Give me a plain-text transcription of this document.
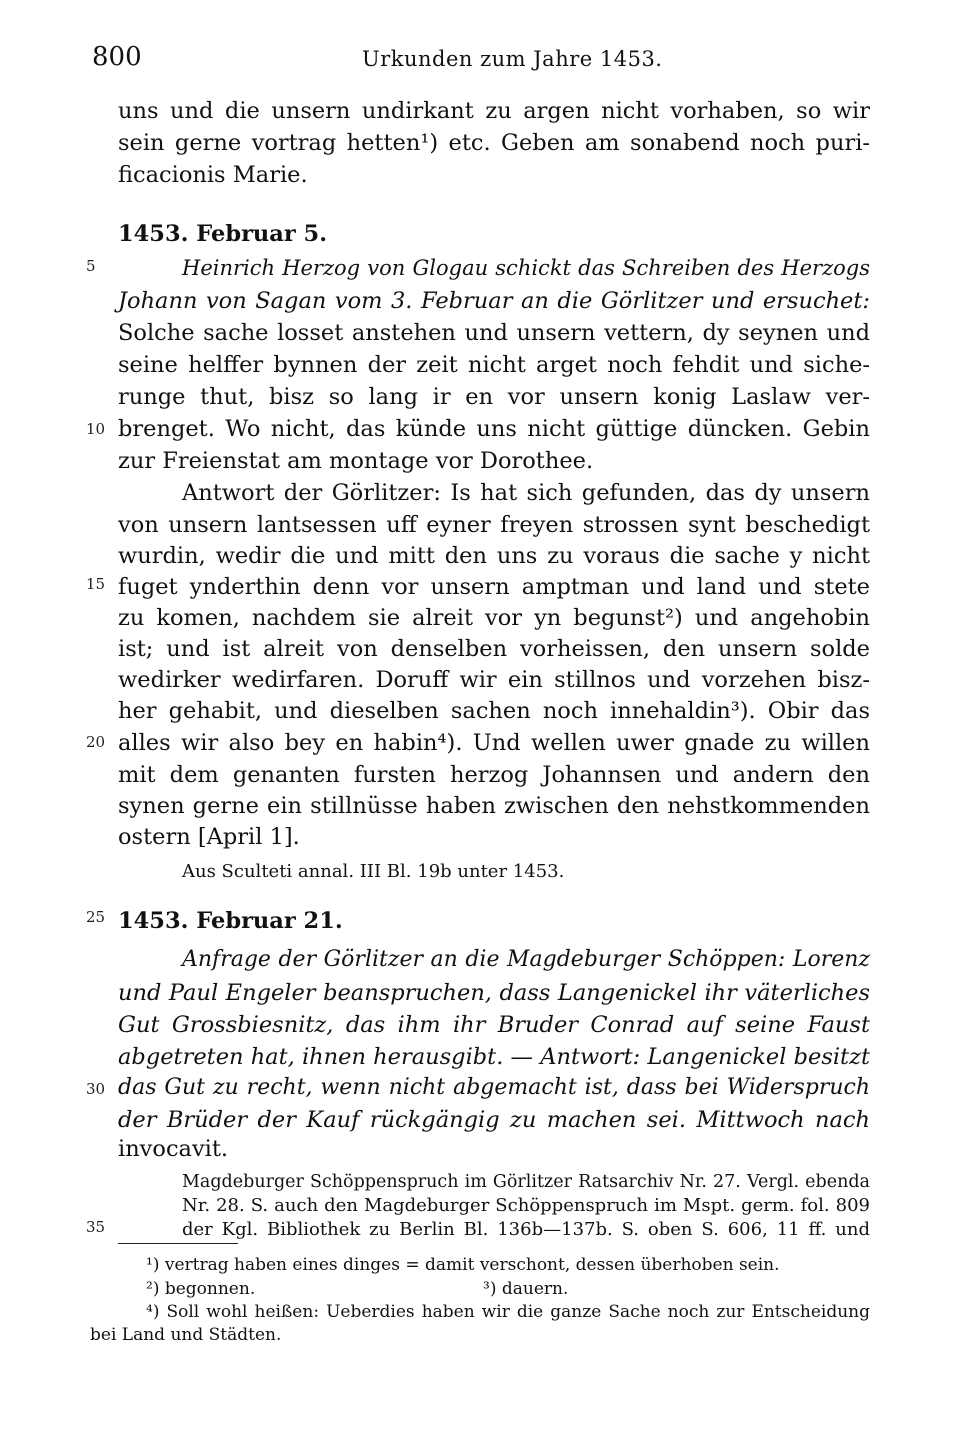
800	Urkunden zum Jahre 1453.
5
10
15
20
25
30
35
uns und die unsern undirkant zu argen nicht vorhaben, so wir
sein gerne vortrag hetten¹) etc. Geben am sonabend noch puri-
ficacionis Marie.
1453. Februar 5.
Heinrich Herzog von Glogau schickt das Schreiben des Herzogs
Johann von Sagan vom 3. Februar an die Görlitzer und ersuchet:
Solche sache losset anstehen und unsern vettern, dy seynen und
seine helffer bynnen der zeit nicht arget noch fehdit und siche-
runge thut, bisz so lang ir en vor unsern konig Laslaw ver-
brenget. Wo nicht, das künde uns nicht güttige düncken. Gebin
zur Freienstat am montage vor Dorothee.
Antwort der Görlitzer: Is hat sich gefunden, das dy unsern
von unsern lantsessen uff eyner freyen strossen synt beschedigt
wurdin, wedir die und mitt den uns zu voraus die sache y nicht
fuget ynderthin denn vor unsern amptman und land und stete
zu komen, nachdem sie alreit vor yn begunst²) und angehobin
ist; und ist alreit von denselben vorheissen, den unsern solde
wedirker wedirfaren. Doruff wir ein stillnos und vorzehen bisz-
her gehabit, und dieselben sachen noch innehaldin³). Obir das
alles wir also bey en habin⁴). Und wellen uwer gnade zu willen
mit dem genanten fursten herzog Johannsen und andern den
synen gerne ein stillnüsse haben zwischen den nehstkommenden
ostern [April 1].
Aus Sculteti annal. III Bl. 19b unter 1453.
1453. Februar 21.
Anfrage der Görlitzer an die Magdeburger Schöppen: Lorenz
und Paul Engeler beanspruchen, dass Langenickel ihr väterliches
Gut Grossbiesnitz, das ihm ihr Bruder Conrad auf seine Faust
abgetreten hat, ihnen herausgibt. — Antwort: Langenickel besitzt
das Gut zu recht, wenn nicht abgemacht ist, dass bei Widerspruch
der Brüder der Kauf rückgängig zu machen sei. Mittwoch nach
invocavit.
Magdeburger Schöppenspruch im Görlitzer Ratsarchiv Nr. 27. Vergl. ebenda
Nr. 28. S. auch den Magdeburger Schöppenspruch im Mspt. germ. fol. 809
der Kgl. Bibliothek zu Berlin Bl. 136b—137b. S. oben S. 606, 11 ff. und
¹) vertrag haben eines dinges = damit verschont, dessen überhoben sein.
²) begonnen.	³) dauern.
⁴) Soll wohl heißen: Ueberdies haben wir die ganze Sache noch zur Entscheidung
bei Land und Städten.
